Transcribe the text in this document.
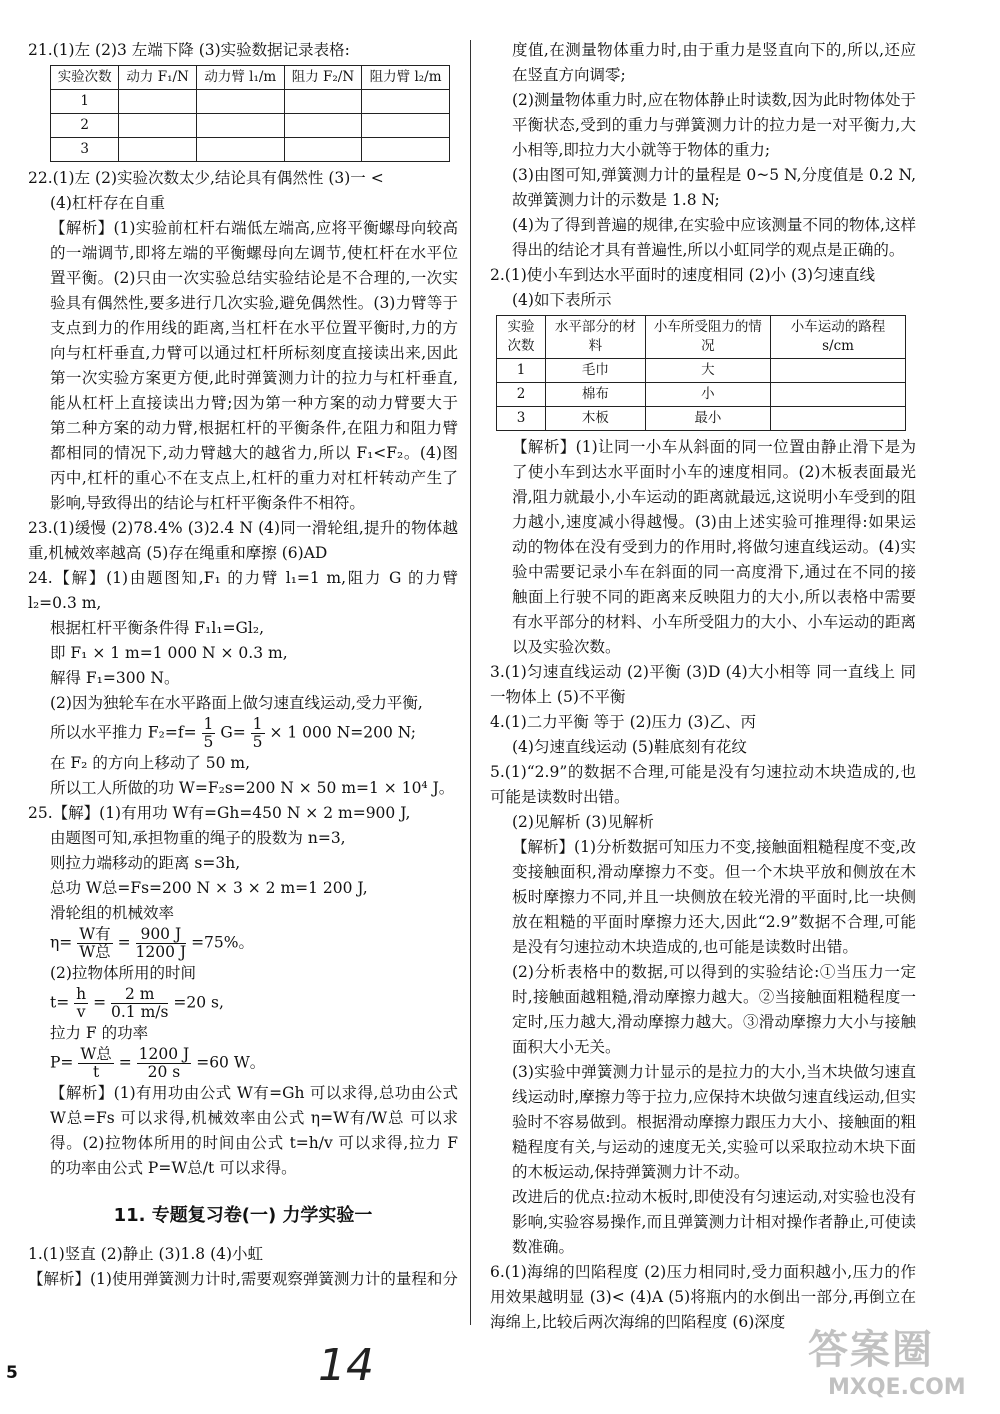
21.(1)左 (2)3 左端下降 (3)实验数据记录表格:

实验次数	动力 F₁/N	动力臂 l₁/m	阻力 F₂/N	阻力臂 l₂/m
1				
2				
3				

22.(1)左 (2)实验次数太少,结论具有偶然性 (3)一 <

(4)杠杆存在自重

【解析】(1)实验前杠杆右端低左端高,应将平衡螺母向较高的一端调节,即将左端的平衡螺母向左调节,使杠杆在水平位置平衡。(2)只由一次实验总结实验结论是不合理的,一次实验具有偶然性,要多进行几次实验,避免偶然性。(3)力臂等于支点到力的作用线的距离,当杠杆在水平位置平衡时,力的方向与杠杆垂直,力臂可以通过杠杆所标刻度直接读出来,因此第一次实验方案更方便,此时弹簧测力计的拉力与杠杆垂直,能从杠杆上直接读出力臂;因为第一种方案的动力臂要大于第二种方案的动力臂,根据杠杆的平衡条件,在阻力和阻力臂都相同的情况下,动力臂越大的越省力,所以 F₁<F₂。(4)图丙中,杠杆的重心不在支点上,杠杆的重力对杠杆转动产生了影响,导致得出的结论与杠杆平衡条件不相符。

23.(1)缓慢 (2)78.4% (3)2.4 N (4)同一滑轮组,提升的物体越重,机械效率越高 (5)存在绳重和摩擦 (6)AD

24.【解】(1)由题图知,F₁ 的力臂 l₁=1 m,阻力 G 的力臂 l₂=0.3 m,

根据杠杆平衡条件得 F₁l₁=Gl₂,

即 F₁ × 1 m=1 000 N × 0.3 m,

解得 F₁=300 N。

(2)因为独轮车在水平路面上做匀速直线运动,受力平衡,

所以水平推力 $F_2=f= \frac{1}{5} G= \frac{1}{5} \times 1$ 000 N=200 N;

在 F₂ 的方向上移动了 50 m,

所以工人所做的功 W=F₂s=200 N × 50 m=1 × 10⁴ J。

25.【解】(1)有用功 W有=Gh=450 N × 2 m=900 J,

由题图可知,承担物重的绳子的股数为 n=3,

则拉力端移动的距离 s=3h,

总功 W总=Fs=200 N × 3 × 2 m=1 200 J,

滑轮组的机械效率

$\eta= \frac{\text{W有}}{\text{W总}} = \frac{900 J}{1200 J} =75\%$。

(2)拉物体所用的时间

$t= \frac{h}{v} = \frac{2 m}{0.1 m/s} =20$ s,

拉力 F 的功率

$P= \frac{\text{W总}}{t} = \frac{1200 J}{20 s} =60$ W。

【解析】(1)有用功由公式 W有=Gh 可以求得,总功由公式 W总=Fs 可以求得,机械效率由公式 η=W有/W总 可以求得。(2)拉物体所用的时间由公式 t=h/v 可以求得,拉力 F 的功率由公式 P=W总/t 可以求得。

11. 专题复习卷(一) 力学实验一

1.(1)竖直 (2)静止 (3)1.8 (4)小虹

【解析】(1)使用弹簧测力计时,需要观察弹簧测力计的量程和分

度值,在测量物体重力时,由于重力是竖直向下的,所以,还应在竖直方向调零;

(2)测量物体重力时,应在物体静止时读数,因为此时物体处于平衡状态,受到的重力与弹簧测力计的拉力是一对平衡力,大小相等,即拉力大小就等于物体的重力;

(3)由图可知,弹簧测力计的量程是 0~5 N,分度值是 0.2 N,故弹簧测力计的示数是 1.8 N;

(4)为了得到普遍的规律,在实验中应该测量不同的物体,这样得出的结论才具有普遍性,所以小虹同学的观点是正确的。

2.(1)使小车到达水平面时的速度相同 (2)小 (3)匀速直线

(4)如下表所示

实验次数	水平部分的材料	小车所受阻力的情况	小车运动的路程 s/cm
1	毛巾	大	
2	棉布	小	
3	木板	最小	

【解析】(1)让同一小车从斜面的同一位置由静止滑下是为了使小车到达水平面时小车的速度相同。(2)木板表面最光滑,阻力就最小,小车运动的距离就最远,这说明小车受到的阻力越小,速度减小得越慢。(3)由上述实验可推理得:如果运动的物体在没有受到力的作用时,将做匀速直线运动。(4)实验中需要记录小车在斜面的同一高度滑下,通过在不同的接触面上行驶不同的距离来反映阻力的大小,所以表格中需要有水平部分的材料、小车所受阻力的大小、小车运动的距离以及实验次数。

3.(1)匀速直线运动 (2)平衡 (3)D (4)大小相等 同一直线上 同一物体上 (5)不平衡

4.(1)二力平衡 等于 (2)压力 (3)乙、丙

(4)匀速直线运动 (5)鞋底刻有花纹

5.(1)“2.9”的数据不合理,可能是没有匀速拉动木块造成的,也可能是读数时出错。

(2)见解析 (3)见解析

【解析】(1)分析数据可知压力不变,接触面粗糙程度不变,改变接触面积,滑动摩擦力不变。但一个木块平放和侧放在木板时摩擦力不同,并且一块侧放在较光滑的平面时,比一块侧放在粗糙的平面时摩擦力还大,因此“2.9”数据不合理,可能是没有匀速拉动木块造成的,也可能是读数时出错。

(2)分析表格中的数据,可以得到的实验结论:①当压力一定时,接触面越粗糙,滑动摩擦力越大。②当接触面粗糙程度一定时,压力越大,滑动摩擦力越大。③滑动摩擦力大小与接触面积大小无关。

(3)实验中弹簧测力计显示的是拉力的大小,当木块做匀速直线运动时,摩擦力等于拉力,应保持木块做匀速直线运动,但实验时不容易做到。根据滑动摩擦力跟压力大小、接触面的粗糙程度有关,与运动的速度无关,实验可以采取拉动木块下面的木板运动,保持弹簧测力计不动。

改进后的优点:拉动木板时,即使没有匀速运动,对实验也没有影响,实验容易操作,而且弹簧测力计相对操作者静止,可使读数准确。

6.(1)海绵的凹陷程度 (2)压力相同时,受力面积越小,压力的作用效果越明显 (3)< (4)A (5)将瓶内的水倒出一部分,再倒立在海绵上,比较后两次海绵的凹陷程度 (6)深度

5	14	答案圈
MXQE.COM
